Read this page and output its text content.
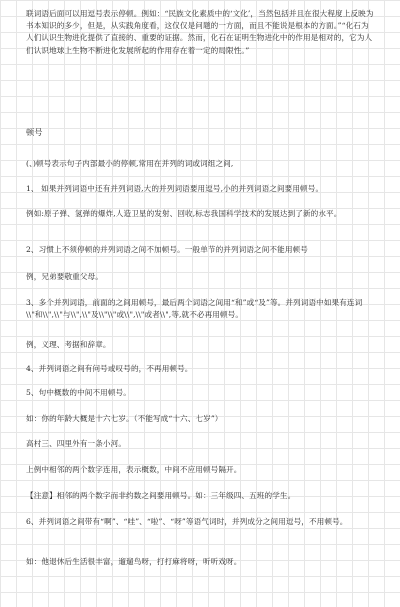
联词语后面可以用逗号表示停顿。例如：“民族文化素质中的‘文化’，当然包括并且在很大程度上反映为书本知识的多少，但是，从实践角度看，这仅仅是问题的一方面，而且不能说是根本的方面。”“化石为人们认识生物进化提供了直接的、重要的证据。然而，化石在证明生物进化中的作用是相对的，它为人们认识地球上生物不断进化发展所起的作用存在着一定的局限性。”

顿号

(、)顿号表示句子内部最小的停顿,常用在并列的词或词组之间,

1、 如果并列词语中还有并列词语,大的并列词语要用逗号,小的并列词语之间要用顿号。

例如:原子弹、氢弹的爆炸,人造卫星的发射、回收,标志我国科学技术的发展达到了新的水平。

2、习惯上不须停顿的并列词语之间不加顿号。一般单节的并列词语之间不能用顿号

例，兄弟要敬重父母。

3、多个并列词语，前面的之间用顿号，最后两个词语之间用“和”或“及”等。并列词语中如果有连词\\"和\\",\\"与\\",\\"及\\"\\"或\\",\\"或者\\",等,就不必再用顿号。

例，义理、考据和辞章。

4、并列词语之间有问号或叹号的，不再用顿号。

5、句中概数的中间不用顿号。

如：你的年龄大概是十六七岁。（不能写成“十六、七岁”）

高村三、四里外有一条小河。

上例中相邻的两个数字连用，表示概数，中间不应用顿号隔开。

【注意】相邻的两个数字而非约数之间要用顿号。如：三年级四、五班的学生。

6、并列词语之间带有“啊”、“哇”、“啦”、“呀”等语气词时，并列成分之间用逗号，不用顿号。

如：他退休后生活很丰富，遛遛鸟呀，打打麻将呀，听听戏呀。
